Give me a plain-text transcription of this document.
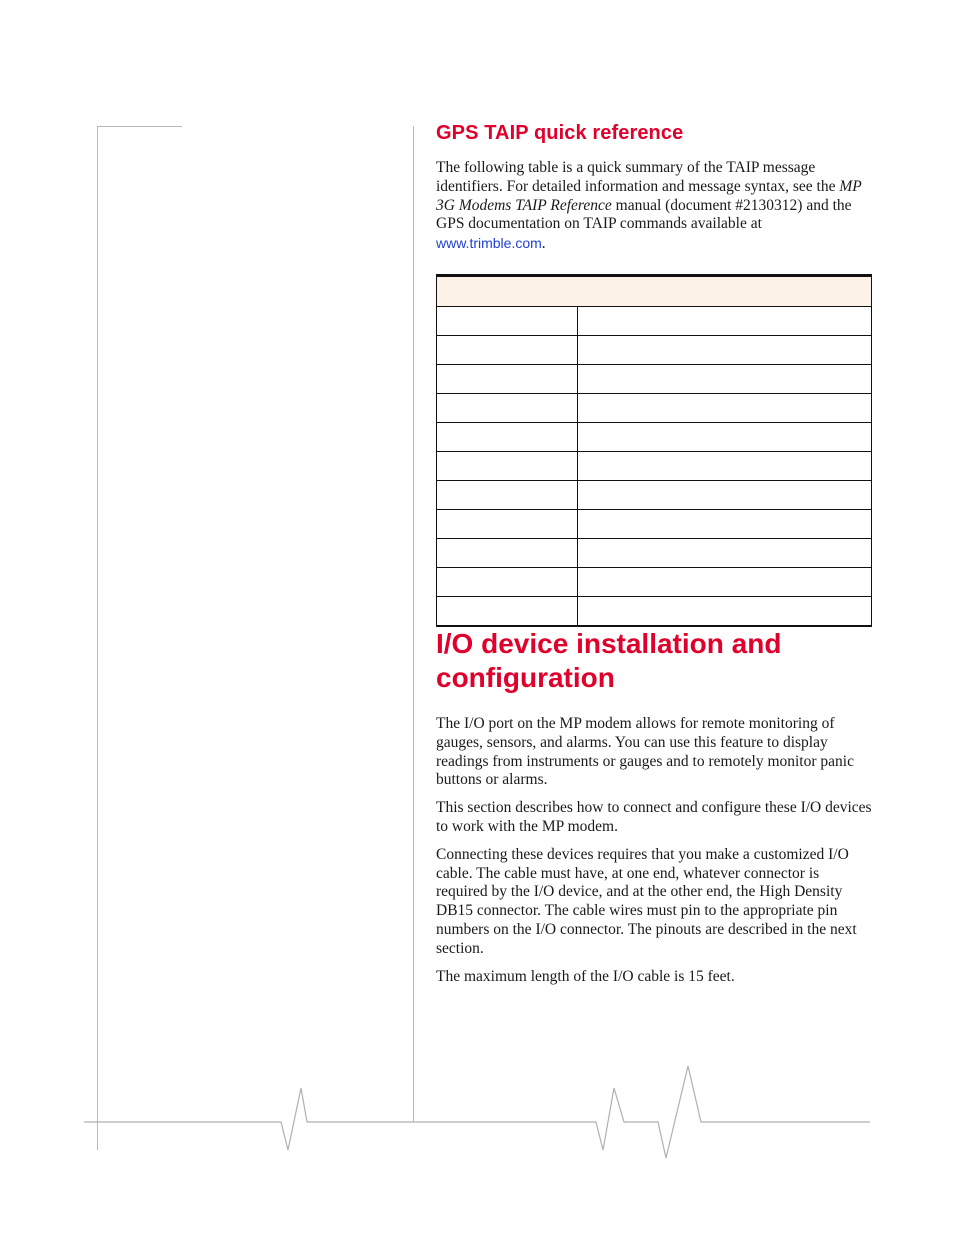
GPS TAIP quick reference

The following table is a quick summary of the TAIP message identifiers. For detailed information and message syntax, see the MP 3G Modems TAIP Reference manual (document #2130312) and the GPS documentation on TAIP commands available at www.trimble.com.

I/O device installation and configuration

The I/O port on the MP modem allows for remote monitoring of gauges, sensors, and alarms. You can use this feature to display readings from instruments or gauges and to remotely monitor panic buttons or alarms.

This section describes how to connect and configure these I/O devices to work with the MP modem.

Connecting these devices requires that you make a customized I/O cable. The cable must have, at one end, whatever connector is required by the I/O device, and at the other end, the High Density DB15 connector. The cable wires must pin to the appropriate pin numbers on the I/O connector. The pinouts are described in the next section.

The maximum length of the I/O cable is 15 feet.
